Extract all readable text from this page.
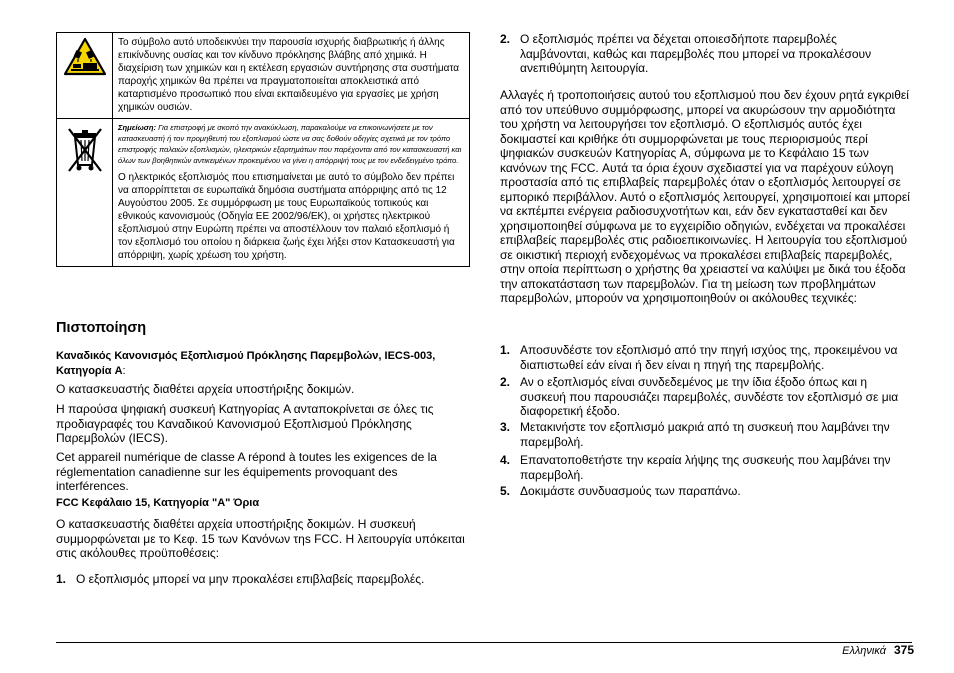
Το σύμβολο αυτό υποδεικνύει την παρουσία ισχυρής διαβρωτικής ή άλλης επικίνδυνης ουσίας και τον κίνδυνο πρόκλησης βλάβης από χημικά. Η διαχείριση των χημικών και η εκτέλεση εργασιών συντήρησης στα συστήματα παροχής χημικών θα πρέπει να πραγματοποιείται αποκλειστικά από καταρτισμένο προσωπικό που είναι εκπαιδευμένο για εργασίες με χρήση χημικών ουσιών.

Σημείωση: Για επιστροφή με σκοπό την ανακύκλωση, παρακαλούμε να επικοινωνήσετε με τον κατασκευαστή ή τον προμηθευτή του εξοπλισμού ώστε να σας δοθούν οδηγίες σχετικά με τον τρόπο επιστροφής παλαιών εξοπλισμών, ηλεκτρικών εξαρτημάτων που παρέχονται από τον κατασκευαστή και όλων των βοηθητικών αντικειμένων προκειμένου να γίνει η απόρριψή τους με τον ενδεδειγμένο τρόπο.

Ο ηλεκτρικός εξοπλισμός που επισημαίνεται με αυτό το σύμβολο δεν πρέπει να απορρίπτεται σε ευρωπαϊκά δημόσια συστήματα απόρριψης από τις 12 Αυγούστου 2005. Σε συμμόρφωση με τους Ευρωπαϊκούς τοπικούς και εθνικούς κανονισμούς (Οδηγία ΕΕ 2002/96/ΕΚ), οι χρήστες ηλεκτρικού εξοπλισμού στην Ευρώπη πρέπει να αποστέλλουν τον παλαιό εξοπλισμό ή τον εξοπλισμό του οποίου η διάρκεια ζωής έχει λήξει στον Κατασκευαστή για απόρριψη, χωρίς χρέωση του χρήστη.

Πιστοποίηση

Καναδικός Κανονισμός Εξοπλισμού Πρόκλησης Παρεμβολών, IECS-003, Κατηγορία A:

Ο κατασκευαστής διαθέτει αρχεία υποστήριξης δοκιμών.

Η παρούσα ψηφιακή συσκευή Κατηγορίας A ανταποκρίνεται σε όλες τις προδιαγραφές του Καναδικού Κανονισμού Εξοπλισμού Πρόκλησης Παρεμβολών (IECS).

Cet appareil numérique de classe A répond à toutes les exigences de la réglementation canadienne sur les équipements provoquant des interférences.

FCC Κεφάλαιο 15, Κατηγορία "A" Όρια

Ο κατασκευαστής διαθέτει αρχεία υποστήριξης δοκιμών. Η συσκευή συμμορφώνεται με το Κεφ. 15 των Κανόνων τηs FCC. Η λειτουργία υπόκειται στις ακόλουθες προϋποθέσεις:

1. Ο εξοπλισμός μπορεί να μην προκαλέσει επιβλαβείς παρεμβολές.
2. Ο εξοπλισμός πρέπει να δέχεται οποιεσδήποτε παρεμβολές λαμβάνονται, καθώς και παρεμβολές που μπορεί να προκαλέσουν ανεπιθύμητη λειτουργία.

Αλλαγές ή τροποποιήσεις αυτού του εξοπλισμού που δεν έχουν ρητά εγκριθεί από τον υπεύθυνο συμμόρφωσης, μπορεί να ακυρώσουν την αρμοδιότητα του χρήστη να λειτουργήσει τον εξοπλισμό. Ο εξοπλισμός αυτός έχει δοκιμαστεί και κριθήκε ότι συμμορφώνεται με τους περιορισμούς περί ψηφιακών συσκευών Κατηγορίας A, σύμφωνα με το Κεφάλαιο 15 των κανόνων της FCC. Αυτά τα όρια έχουν σχεδιαστεί για να παρέχουν εύλογη προστασία από τις επιβλαβείς παρεμβολές όταν ο εξοπλισμός λειτουργεί σε εμπορικό περιβάλλον. Αυτό ο εξοπλισμός λειτουργεί, χρησιμοποιεί και μπορεί να εκπέμπει ενέργεια ραδιοσυχνοτήτων και, εάν δεν εγκατασταθεί και δεν χρησιμοποιηθεί σύμφωνα με το εγχειρίδιο οδηγιών, ενδέχεται να προκαλέσει επιβλαβείς παρεμβολές στις ραδιοεπικοινωνίες. Η λειτουργία του εξοπλισμού σε οικιστική περιοχή ενδεχομένως να προκαλέσει επιβλαβείς παρεμβολές, στην οποία περίπτωση ο χρήστης θα χρειαστεί να καλύψει με δικά του έξοδα την αποκατάσταση των παρεμβολών. Για τη μείωση των προβλημάτων παρεμβολών, μπορούν να χρησιμοποιηθούν οι ακόλουθες τεχνικές:

1. Αποσυνδέστε τον εξοπλισμό από την πηγή ισχύος της, προκειμένου να διαπιστωθεί εάν είναι ή δεν είναι η πηγή της παρεμβολής.
2. Αν ο εξοπλισμός είναι συνδεδεμένος με την ίδια έξοδο όπως και η συσκευή που παρουσιάζει παρεμβολές, συνδέστε τον εξοπλισμό σε μια διαφορετική έξοδο.
3. Μετακινήστε τον εξοπλισμό μακριά από τη συσκευή που λαμβάνει την παρεμβολή.
4. Επανατοποθετήστε την κεραία λήψης της συσκευής που λαμβάνει την παρεμβολή.
5. Δοκιμάστε συνδυασμούς των παραπάνω.
Ελληνικά 375
